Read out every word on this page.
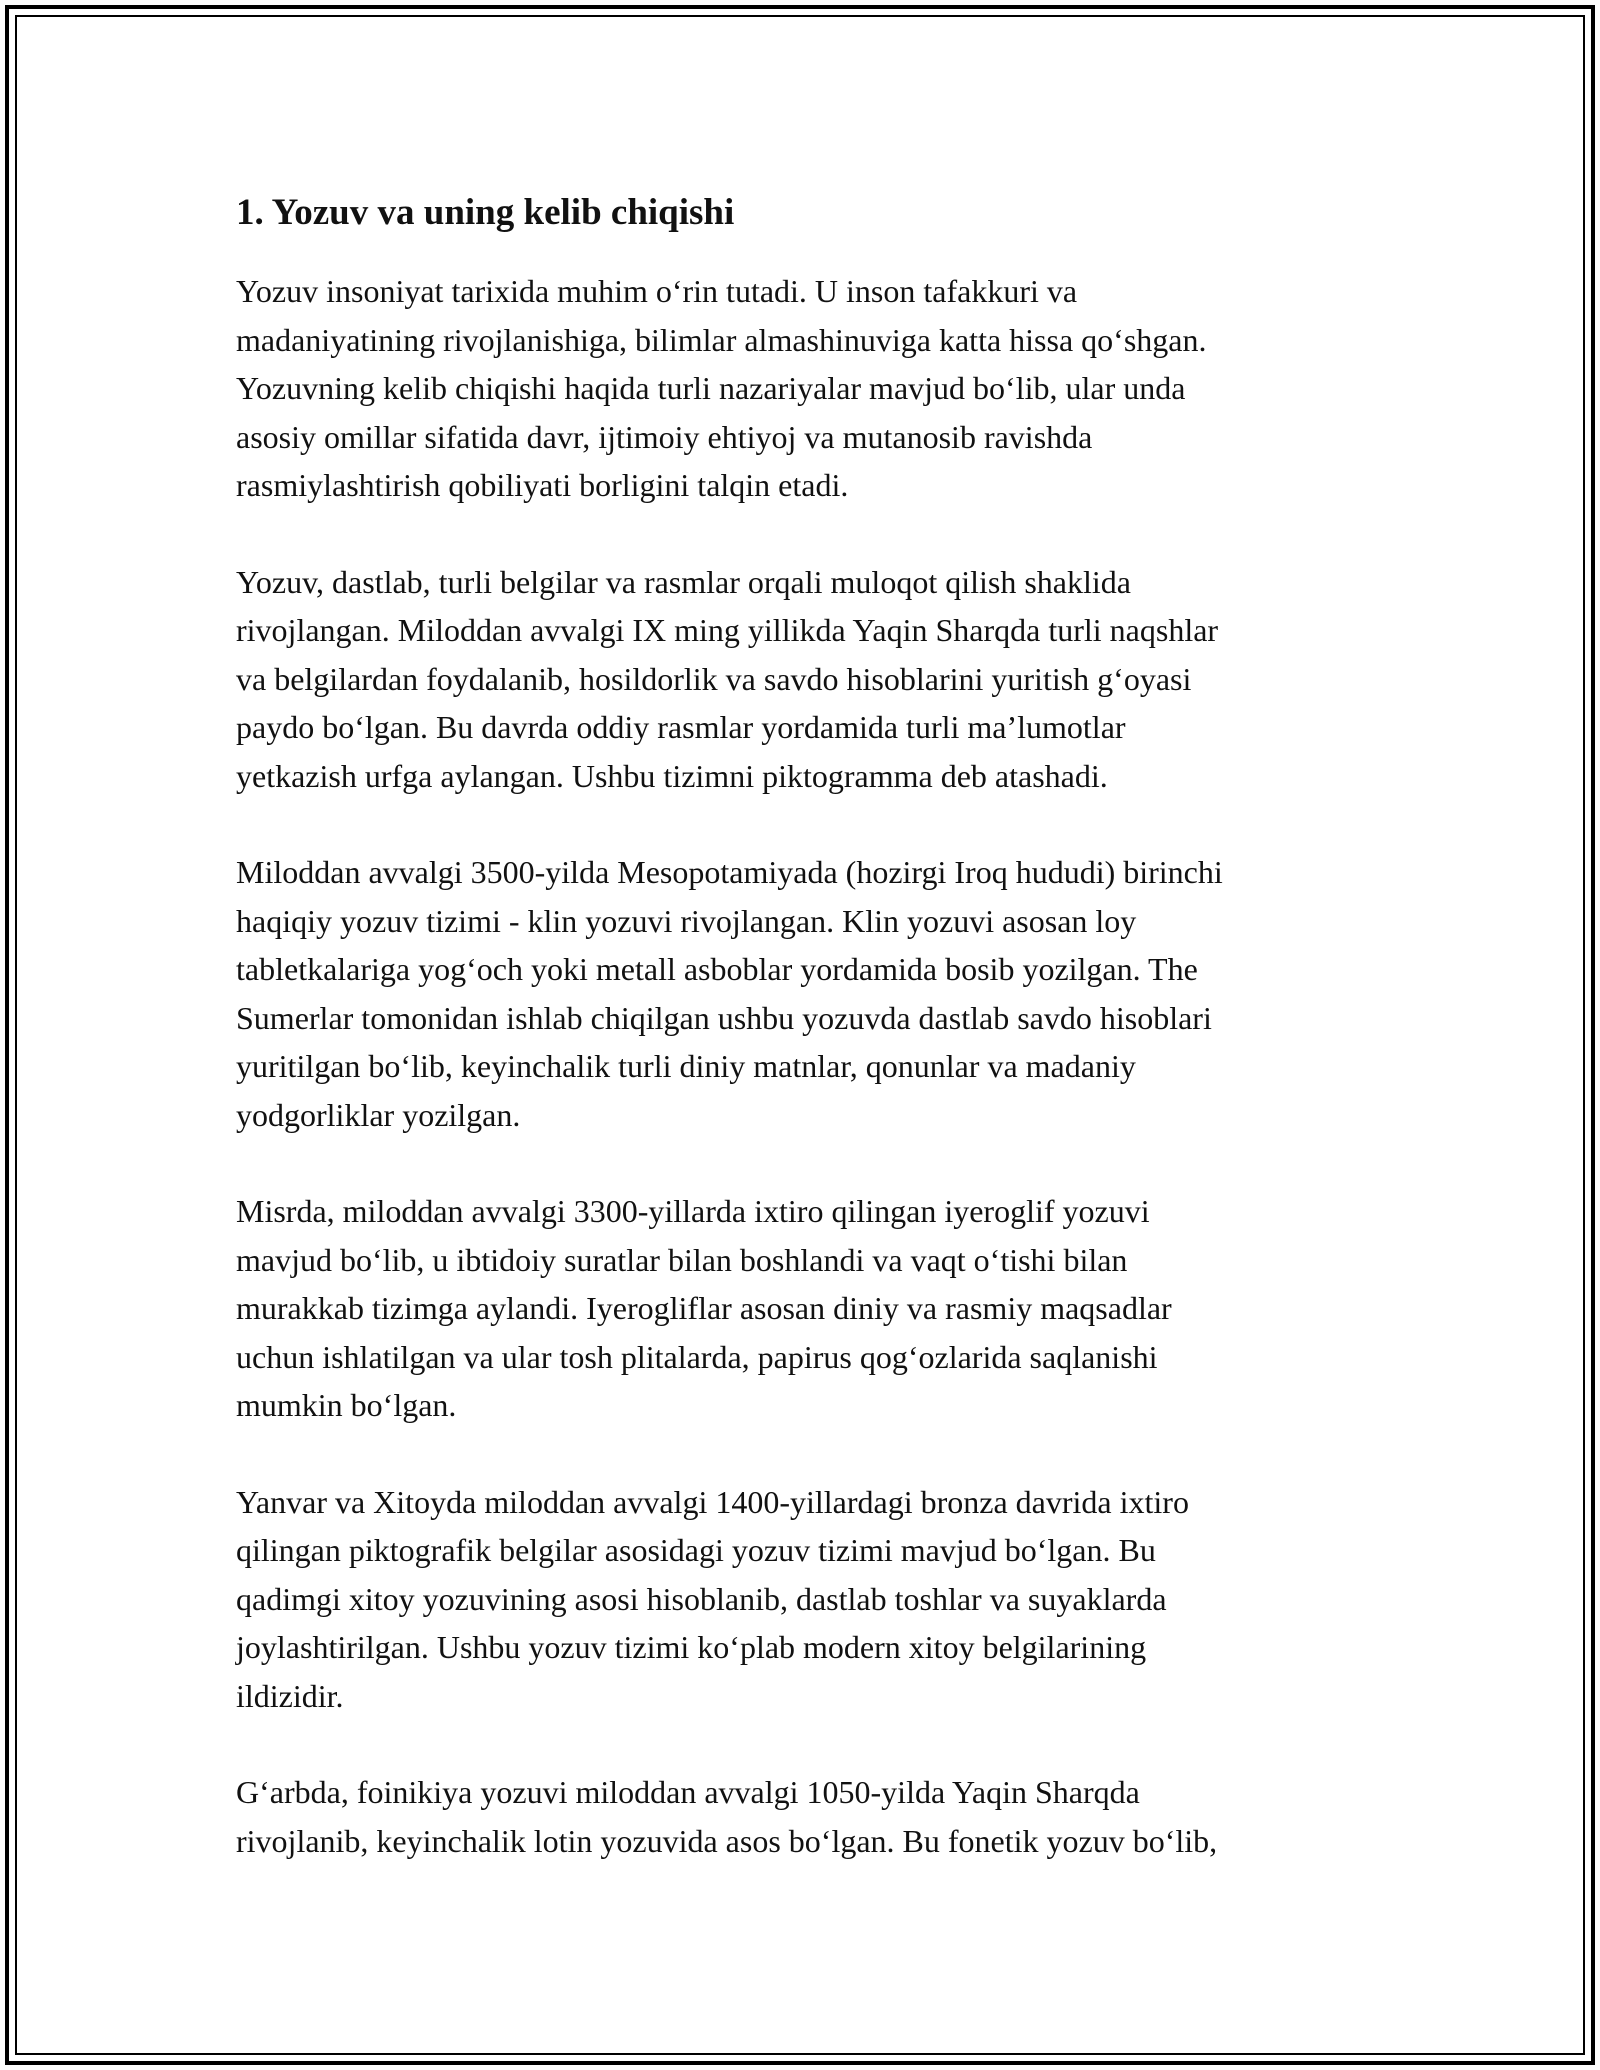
1. Yozuv va uning kelib chiqishi

Yozuv insoniyat tarixida muhim o‘rin tutadi. U inson tafakkuri va
madaniyatining rivojlanishiga, bilimlar almashinuviga katta hissa qo‘shgan.
Yozuvning kelib chiqishi haqida turli nazariyalar mavjud bo‘lib, ular unda
asosiy omillar sifatida davr, ijtimoiy ehtiyoj va mutanosib ravishda
rasmiylashtirish qobiliyati borligini talqin etadi.

Yozuv, dastlab, turli belgilar va rasmlar orqali muloqot qilish shaklida
rivojlangan. Miloddan avvalgi IX ming yillikda Yaqin Sharqda turli naqshlar
va belgilardan foydalanib, hosildorlik va savdo hisoblarini yuritish g‘oyasi
paydo bo‘lgan. Bu davrda oddiy rasmlar yordamida turli ma’lumotlar
yetkazish urfga aylangan. Ushbu tizimni piktogramma deb atashadi.

Miloddan avvalgi 3500-yilda Mesopotamiyada (hozirgi Iroq hududi) birinchi
haqiqiy yozuv tizimi - klin yozuvi rivojlangan. Klin yozuvi asosan loy
tabletkalariga yog‘och yoki metall asboblar yordamida bosib yozilgan. The
Sumerlar tomonidan ishlab chiqilgan ushbu yozuvda dastlab savdo hisoblari
yuritilgan bo‘lib, keyinchalik turli diniy matnlar, qonunlar va madaniy
yodgorliklar yozilgan.

Misrda, miloddan avvalgi 3300-yillarda ixtiro qilingan iyeroglif yozuvi
mavjud bo‘lib, u ibtidoiy suratlar bilan boshlandi va vaqt o‘tishi bilan
murakkab tizimga aylandi. Iyerogliflar asosan diniy va rasmiy maqsadlar
uchun ishlatilgan va ular tosh plitalarda, papirus qog‘ozlarida saqlanishi
mumkin bo‘lgan.

Yanvar va Xitoyda miloddan avvalgi 1400-yillardagi bronza davrida ixtiro
qilingan piktografik belgilar asosidagi yozuv tizimi mavjud bo‘lgan. Bu
qadimgi xitoy yozuvining asosi hisoblanib, dastlab toshlar va suyaklarda
joylashtirilgan. Ushbu yozuv tizimi ko‘plab modern xitoy belgilarining
ildizidir.

G‘arbda, foinikiya yozuvi miloddan avvalgi 1050-yilda Yaqin Sharqda
rivojlanib, keyinchalik lotin yozuvida asos bo‘lgan. Bu fonetik yozuv bo‘lib,
